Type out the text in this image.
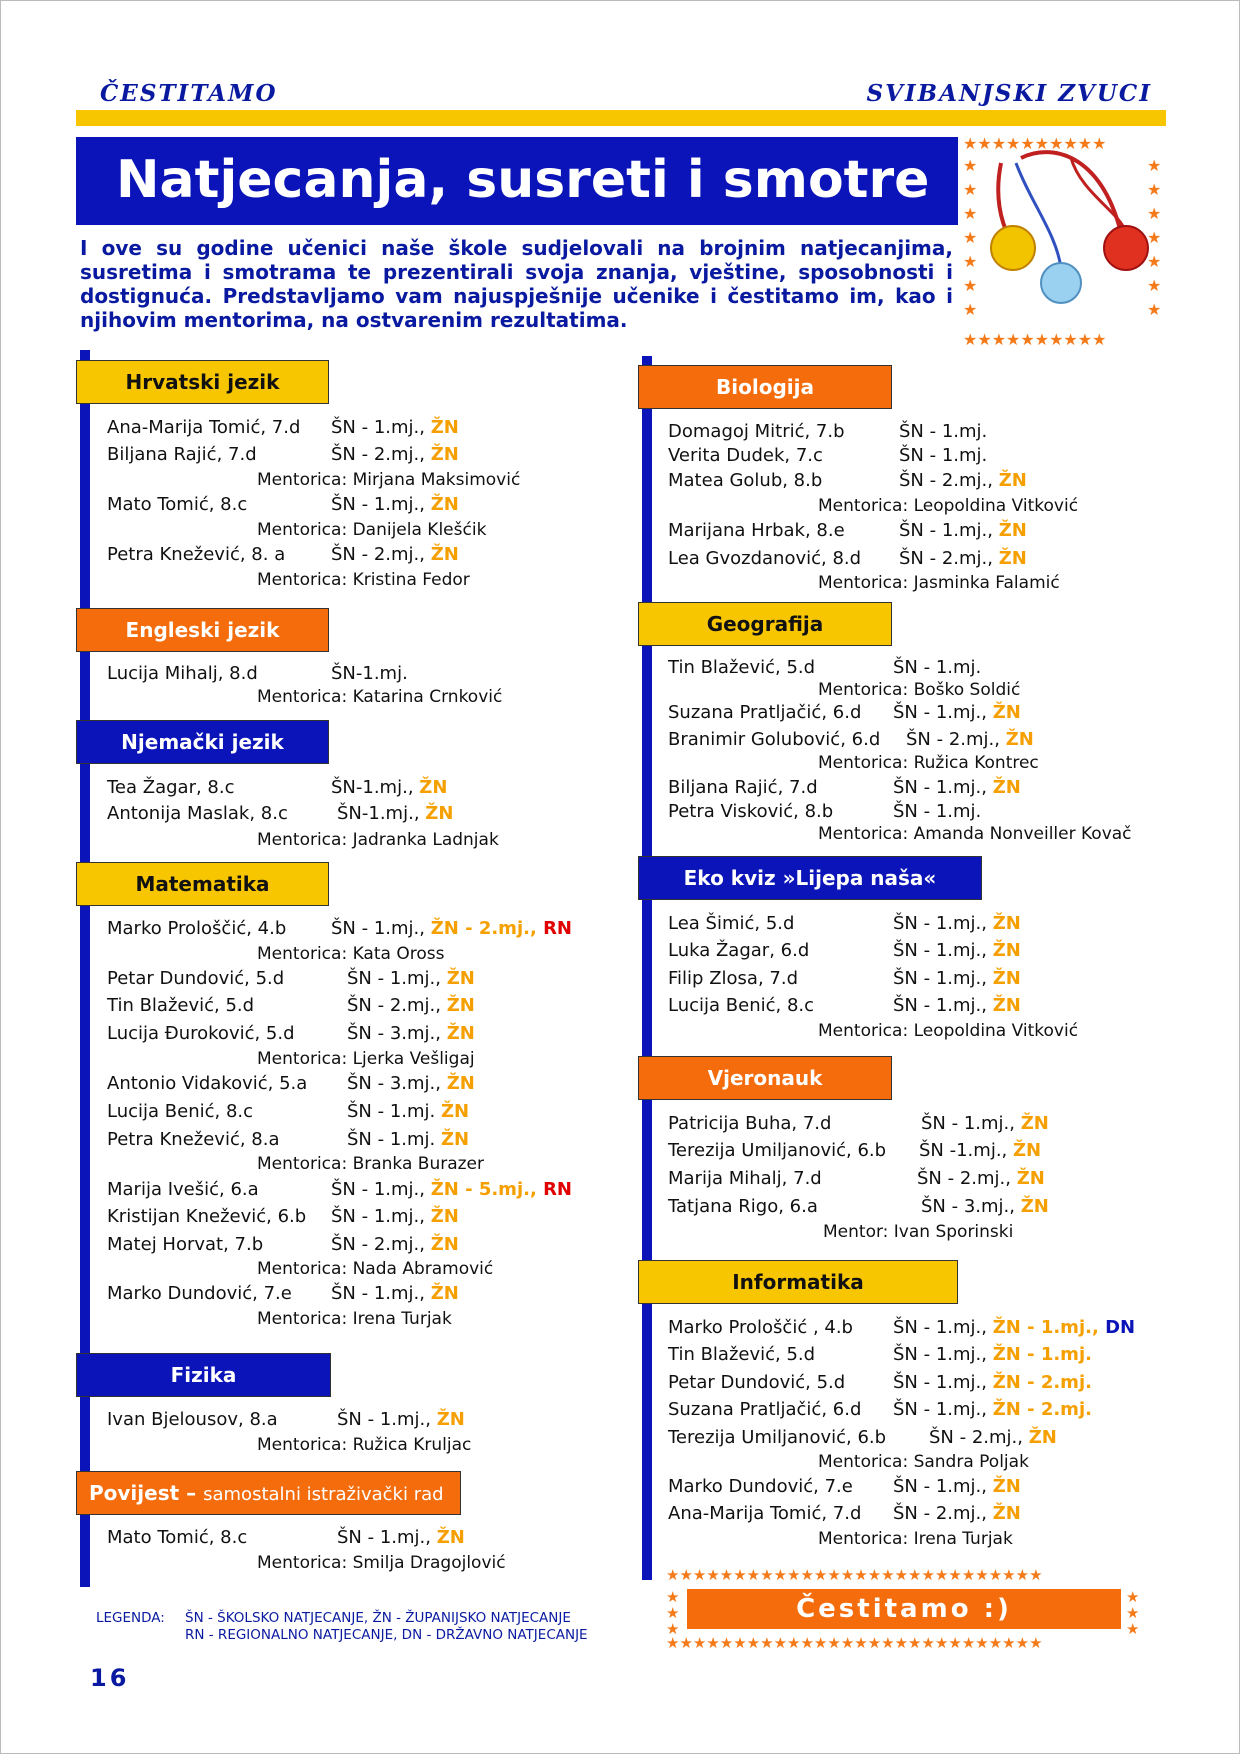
ČESTITAMO	SVIBANJSKI ZVUCI
Natjecanja, susreti i smotre
★★★★★★★★★★
★★★★★★★★★★
★
★
★
★
★
★
★
★
★
★
★
★
★
★
I ove su godine učenici naše škole sudjelovali na brojnim natjecanjima, susretima i smotrama te prezentirali svoja znanja, vještine, sposobnosti i dostignuća. Predstavljamo vam najuspješnije učenike i čestitamo im, kao i njihovim mentorima, na ostvarenim rezultatima.
Hrvatski jezik
Ana-Marija Tomić, 7.d ŠN - 1.mj., ŽN
Biljana Rajić, 7.d	ŠN - 2.mj., ŽN
Mentorica: Mirjana Maksimović
Mato Tomić, 8.c	ŠN - 1.mj., ŽN
Mentorica: Danijela Klešćik
Petra Knežević, 8. a	ŠN - 2.mj., ŽN
Mentorica: Kristina Fedor
Engleski jezik
Lucija Mihalj, 8.d	ŠN-1.mj.
Mentorica: Katarina Crnković
Njemački jezik
Tea Žagar, 8.c	ŠN-1.mj., ŽN
Antonija Maslak, 8.c	ŠN-1.mj., ŽN
Mentorica: Jadranka Ladnjak
Matematika
Marko Prološčić, 4.b ŠN - 1.mj., ŽN - 2.mj., RN
Mentorica: Kata Oross
Petar Dundović, 5.d	ŠN - 1.mj., ŽN
Tin Blažević, 5.d	ŠN - 2.mj., ŽN
Lucija Đuroković, 5.d	ŠN - 3.mj., ŽN
Mentorica: Ljerka Vešligaj
Antonio Vidaković, 5.a ŠN - 3.mj., ŽN
Lucija Benić, 8.c	ŠN - 1.mj. ŽN
Petra Knežević, 8.a	ŠN - 1.mj. ŽN
Mentorica: Branka Burazer
Marija Ivešić, 6.a	ŠN - 1.mj., ŽN - 5.mj., RN
Kristijan Knežević, 6.b ŠN - 1.mj., ŽN
Matej Horvat, 7.b	ŠN - 2.mj., ŽN
Mentorica: Nada Abramović
Marko Dundović, 7.e ŠN - 1.mj., ŽN
Mentorica: Irena Turjak
Fizika
Ivan Bjelousov, 8.a	ŠN - 1.mj., ŽN
Mentorica: Ružica Kruljac
Povijest – samostalni istraživački rad
Mato Tomić, 8.c	ŠN - 1.mj., ŽN
Mentorica: Smilja Dragojlović
Biologija
Domagoj Mitrić, 7.b	ŠN - 1.mj.
Verita Dudek, 7.c	ŠN - 1.mj.
Matea Golub, 8.b	ŠN - 2.mj., ŽN
Mentorica: Leopoldina Vitković
Marijana Hrbak, 8.e	ŠN - 1.mj., ŽN
Lea Gvozdanović, 8.d ŠN - 2.mj., ŽN
Mentorica: Jasminka Falamić
Geografija
Tin Blažević, 5.d	ŠN - 1.mj.
Mentorica: Boško Soldić
Suzana Pratljačić, 6.d ŠN - 1.mj., ŽN
Branimir Golubović, 6.d ŠN - 2.mj., ŽN
Mentorica: Ružica Kontrec
Biljana Rajić, 7.d	ŠN - 1.mj., ŽN
Petra Visković, 8.b	ŠN - 1.mj.
Mentorica: Amanda Nonveiller Kovač
Eko kviz »Lijepa naša«
Lea Šimić, 5.d	ŠN - 1.mj., ŽN
Luka Žagar, 6.d	ŠN - 1.mj., ŽN
Filip Zlosa, 7.d	ŠN - 1.mj., ŽN
Lucija Benić, 8.c	ŠN - 1.mj., ŽN
Mentorica: Leopoldina Vitković
Vjeronauk
Patricija Buha, 7.d	ŠN - 1.mj., ŽN
Terezija Umiljanović, 6.b ŠN -1.mj., ŽN
Marija Mihalj, 7.d	ŠN - 2.mj., ŽN
Tatjana Rigo, 6.a	ŠN - 3.mj., ŽN
Mentor: Ivan Sporinski
Informatika
Marko Prološčić , 4.b ŠN - 1.mj., ŽN - 1.mj., DN
Tin Blažević, 5.d	ŠN - 1.mj., ŽN - 1.mj.
Petar Dundović, 5.d	ŠN - 1.mj., ŽN - 2.mj.
Suzana Pratljačić, 6.d ŠN - 1.mj., ŽN - 2.mj.
Terezija Umiljanović, 6.b ŠN - 2.mj., ŽN
Mentorica: Sandra Poljak
Marko Dundović, 7.e ŠN - 1.mj., ŽN
Ana-Marija Tomić, 7.d ŠN - 2.mj., ŽN
Mentorica: Irena Turjak
LEGENDA: ŠN - ŠKOLSKO NATJECANJE, ŽN - ŽUPANIJSKO NATJECANJE
RN - REGIONALNO NATJECANJE, DN - DRŽAVNO NATJECANJE
16
★★★★★★★★★★★★★★★★★★★★★★★★★★★★
★★★★★★★★★★★★★★★★★★★★★★★★★★★★
★
★
★
★
★
★
Čestitamo :)
